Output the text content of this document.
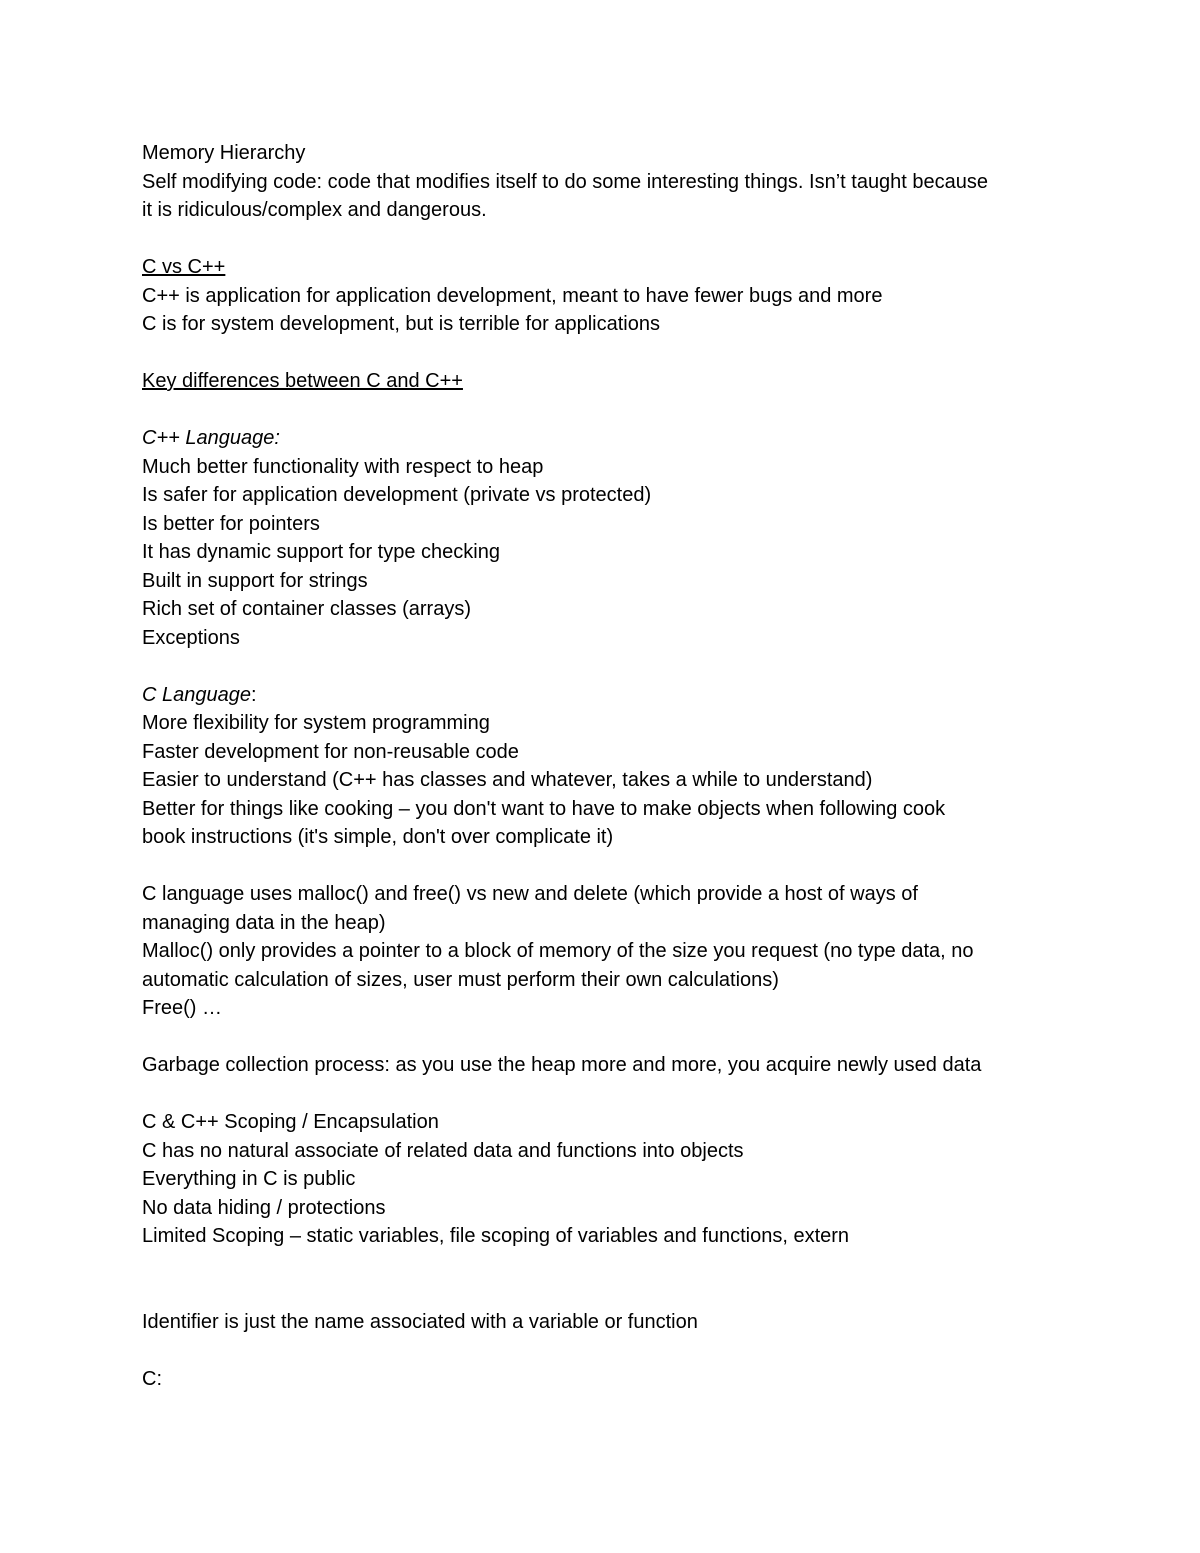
Memory Hierarchy
Self modifying code: code that modifies itself to do some interesting things. Isn’t taught because
it is ridiculous/complex and dangerous.
C vs C++
C++ is application for application development, meant to have fewer bugs and more
C is for system development, but is terrible for applications
Key differences between C and C++
C++ Language:
Much better functionality with respect to heap
Is safer for application development (private vs protected)
Is better for pointers
It has dynamic support for type checking
Built in support for strings
Rich set of container classes (arrays)
Exceptions
C Language:
More flexibility for system programming
Faster development for non-reusable code
Easier to understand (C++ has classes and whatever, takes a while to understand)
Better for things like cooking – you don't want to have to make objects when following cook
book instructions (it's simple, don't over complicate it)
C language uses malloc() and free() vs new and delete (which provide a host of ways of
managing data in the heap)
Malloc() only provides a pointer to a block of memory of the size you request (no type data, no
automatic calculation of sizes, user must perform their own calculations)
Free() …
Garbage collection process: as you use the heap more and more, you acquire newly used data
C & C++ Scoping / Encapsulation
C has no natural associate of related data and functions into objects
Everything in C is public
No data hiding / protections
Limited Scoping – static variables, file scoping of variables and functions, extern
Identifier is just the name associated with a variable or function
C:
